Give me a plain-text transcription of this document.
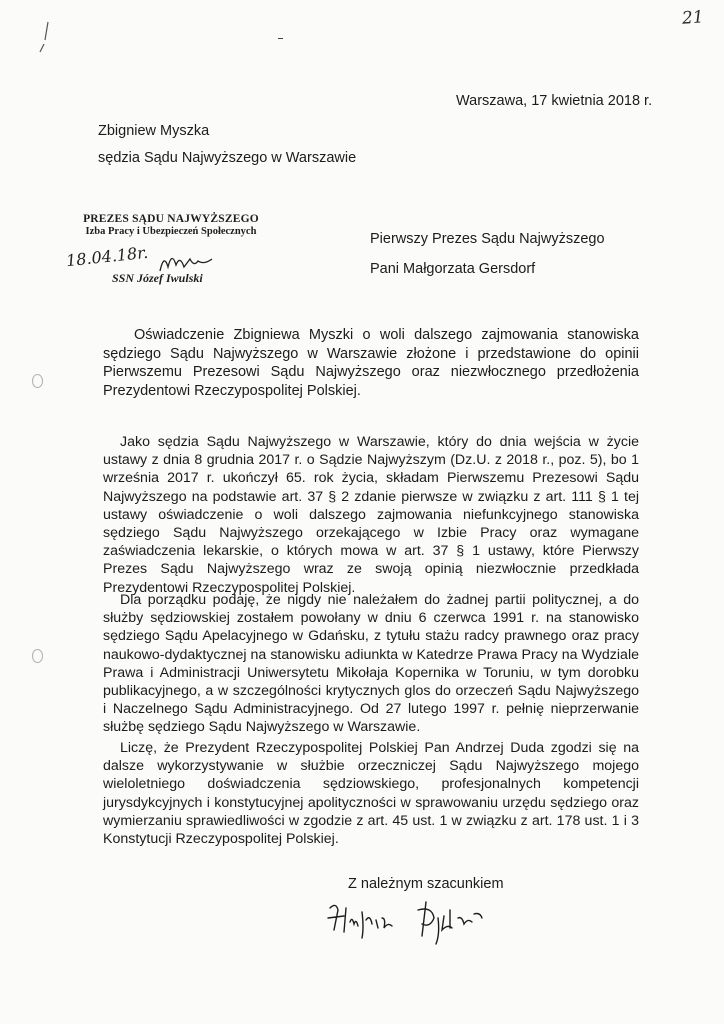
21
Warszawa, 17 kwietnia 2018 r.
Zbigniew Myszka
sędzia Sądu Najwyższego w Warszawie
PREZES SĄDU NAJWYŻSZEGO
Izba Pracy i Ubezpieczeń Społecznych
18.04.18r.
SSN Józef Iwulski
Pierwszy Prezes Sądu Najwyższego
Pani Małgorzata Gersdorf
Oświadczenie Zbigniewa Myszki o woli dalszego zajmowania stanowiska sędziego Sądu Najwyższego w Warszawie złożone i przedstawione do opinii Pierwszemu Prezesowi Sądu Najwyższego oraz niezwłocznego przedłożenia Prezydentowi Rzeczypospolitej Polskiej.
Jako sędzia Sądu Najwyższego w Warszawie, który do dnia wejścia w życie ustawy z dnia 8 grudnia 2017 r. o Sądzie Najwyższym (Dz.U. z 2018 r., poz. 5), bo 1 września 2017 r. ukończył 65. rok życia, składam Pierwszemu Prezesowi Sądu Najwyższego na podstawie art. 37 § 2 zdanie pierwsze w związku z art. 111 § 1 tej ustawy oświadczenie o woli dalszego zajmowania niefunkcyjnego stanowiska sędziego Sądu Najwyższego orzekającego w Izbie Pracy oraz wymagane zaświadczenia lekarskie, o których mowa w art. 37 § 1 ustawy, które Pierwszy Prezes Sądu Najwyższego wraz ze swoją opinią niezwłocznie przedkłada Prezydentowi Rzeczypospolitej Polskiej.
Dla porządku podaję, że nigdy nie należałem do żadnej partii politycznej, a do służby sędziowskiej zostałem powołany w dniu 6 czerwca 1991 r. na stanowisko sędziego Sądu Apelacyjnego w Gdańsku, z tytułu stażu radcy prawnego oraz pracy naukowo-dydaktycznej na stanowisku adiunkta w Katedrze Prawa Pracy na Wydziale Prawa i Administracji Uniwersytetu Mikołaja Kopernika w Toruniu, w tym dorobku publikacyjnego, a w szczególności krytycznych glos do orzeczeń Sądu Najwyższego i Naczelnego Sądu Administracyjnego. Od 27 lutego 1997 r. pełnię nieprzerwanie służbę sędziego Sądu Najwyższego w Warszawie.
Liczę, że Prezydent Rzeczypospolitej Polskiej Pan Andrzej Duda zgodzi się na dalsze wykorzystywanie w służbie orzeczniczej Sądu Najwyższego mojego wieloletniego doświadczenia sędziowskiego, profesjonalnych kompetencji jurysdykcyjnych i konstytucyjnej apolityczności w sprawowaniu urzędu sędziego oraz wymierzaniu sprawiedliwości w zgodzie z art. 45 ust. 1 w związku z art. 178 ust. 1 i 3 Konstytucji Rzeczypospolitej Polskiej.
Z należnym szacunkiem
